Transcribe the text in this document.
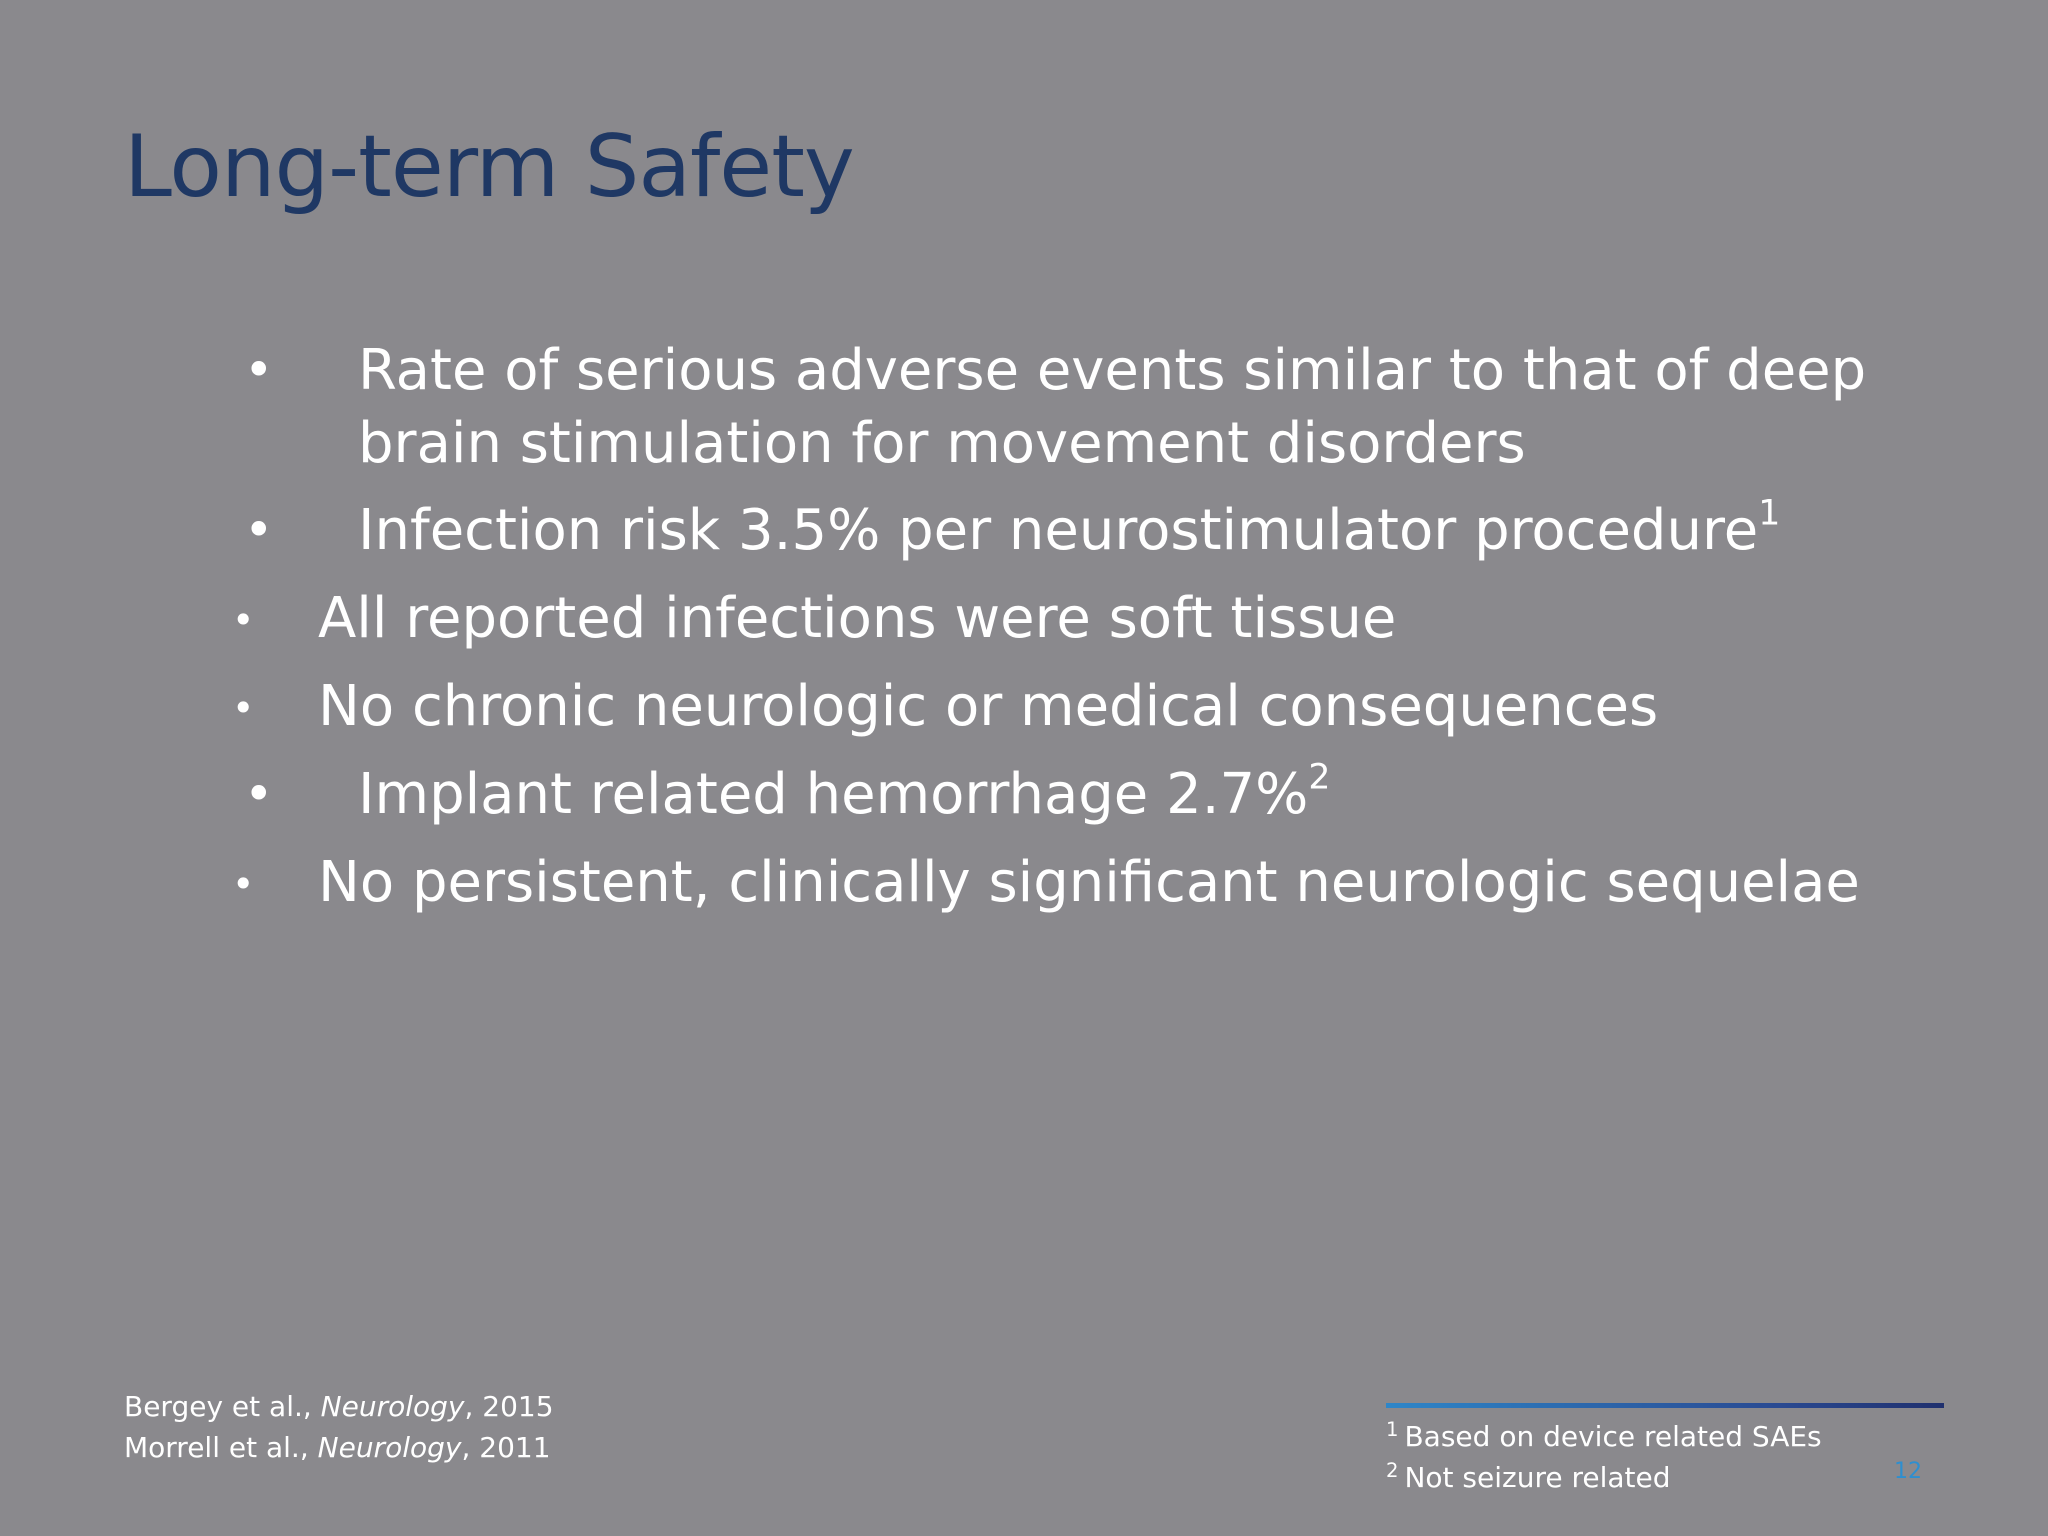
Long-term Safety
• Rate of serious adverse events similar to that of deep
brain stimulation for movement disorders
• Infection risk 3.5% per neurostimulator procedure$^1$
• All reported infections were soft tissue
• No chronic neurologic or medical consequences
• Implant related hemorrhage 2.7%$^2$
• No persistent, clinically significant neurologic sequelae
Bergey et al., Neurology, 2015
Morrell et al., Neurology, 2011
$^1$ Based on device related SAEs
$^2$ Not seizure related	12
